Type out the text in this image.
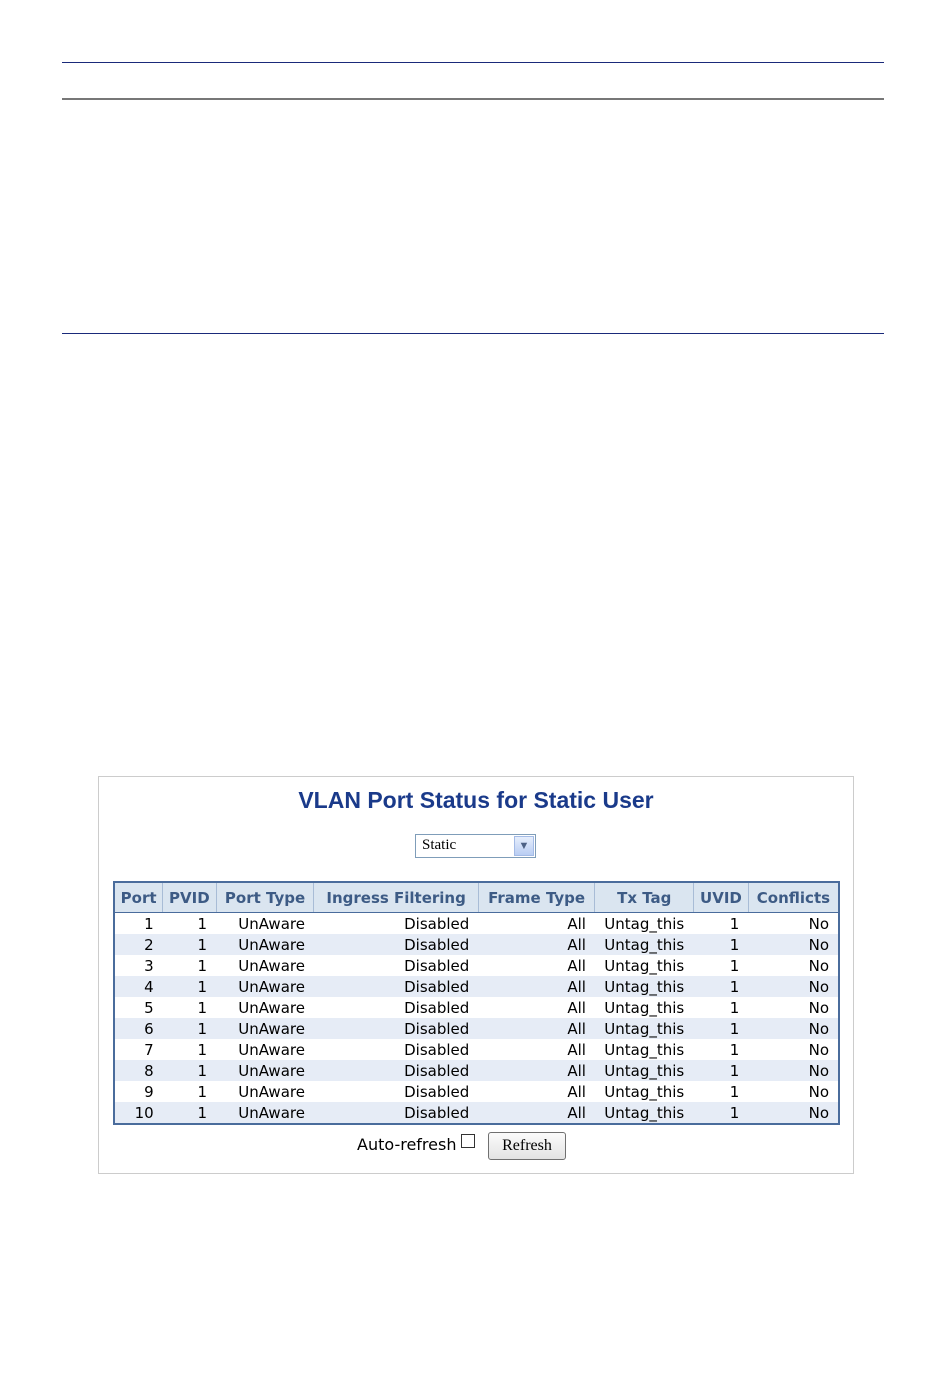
VLAN Port Status for Static User
Static	▼
Port	PVID	Port Type	Ingress Filtering	Frame Type	Tx Tag	UVID	Conflicts
1	1	UnAware	Disabled	All	Untag_this	1	No
2	1	UnAware	Disabled	All	Untag_this	1	No
3	1	UnAware	Disabled	All	Untag_this	1	No
4	1	UnAware	Disabled	All	Untag_this	1	No
5	1	UnAware	Disabled	All	Untag_this	1	No
6	1	UnAware	Disabled	All	Untag_this	1	No
7	1	UnAware	Disabled	All	Untag_this	1	No
8	1	UnAware	Disabled	All	Untag_this	1	No
9	1	UnAware	Disabled	All	Untag_this	1	No
10	1	UnAware	Disabled	All	Untag_this	1	No
Auto-refresh	Refresh
